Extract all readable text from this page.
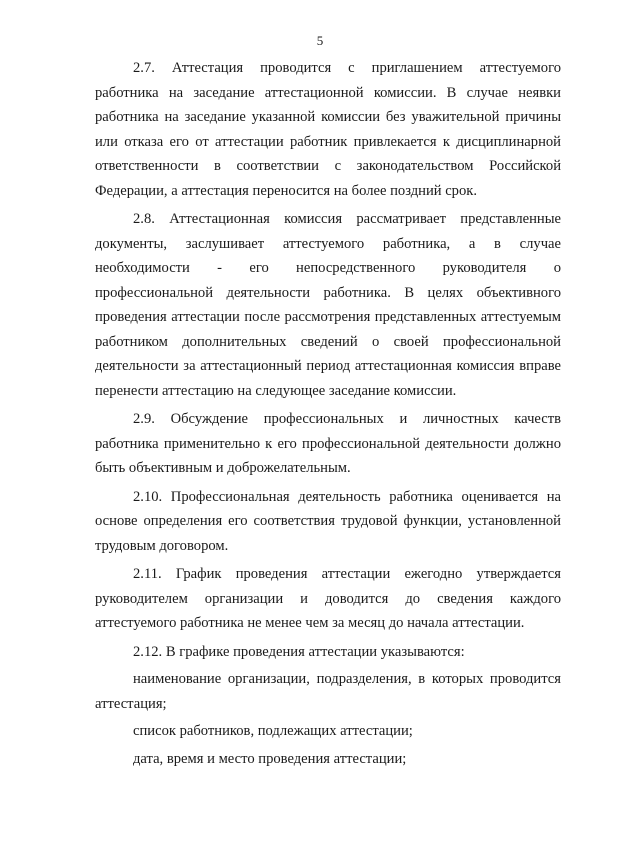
5

2.7. Аттестация проводится с приглашением аттестуемого работника на заседание аттестационной комиссии. В случае неявки работника на заседание указанной комиссии без уважительной причины или отказа его от аттестации работник привлекается к дисциплинарной ответственности в соответствии с законодательством Российской Федерации, а аттестация переносится на более поздний срок.

2.8. Аттестационная комиссия рассматривает представленные документы, заслушивает аттестуемого работника, а в случае необходимости - его непосредственного руководителя о профессиональной деятельности работника. В целях объективного проведения аттестации после рассмотрения представленных аттестуемым работником дополнительных сведений о своей профессиональной деятельности за аттестационный период аттестационная комиссия вправе перенести аттестацию на следующее заседание комиссии.

2.9. Обсуждение профессиональных и личностных качеств работника применительно к его профессиональной деятельности должно быть объективным и доброжелательным.

2.10. Профессиональная деятельность работника оценивается на основе определения его соответствия трудовой функции, установленной трудовым договором.

2.11. График проведения аттестации ежегодно утверждается руководителем организации и доводится до сведения каждого аттестуемого работника не менее чем за месяц до начала аттестации.

2.12. В графике проведения аттестации указываются:

наименование организации, подразделения, в которых проводится аттестация;

список работников, подлежащих аттестации;

дата, время и место проведения аттестации;
